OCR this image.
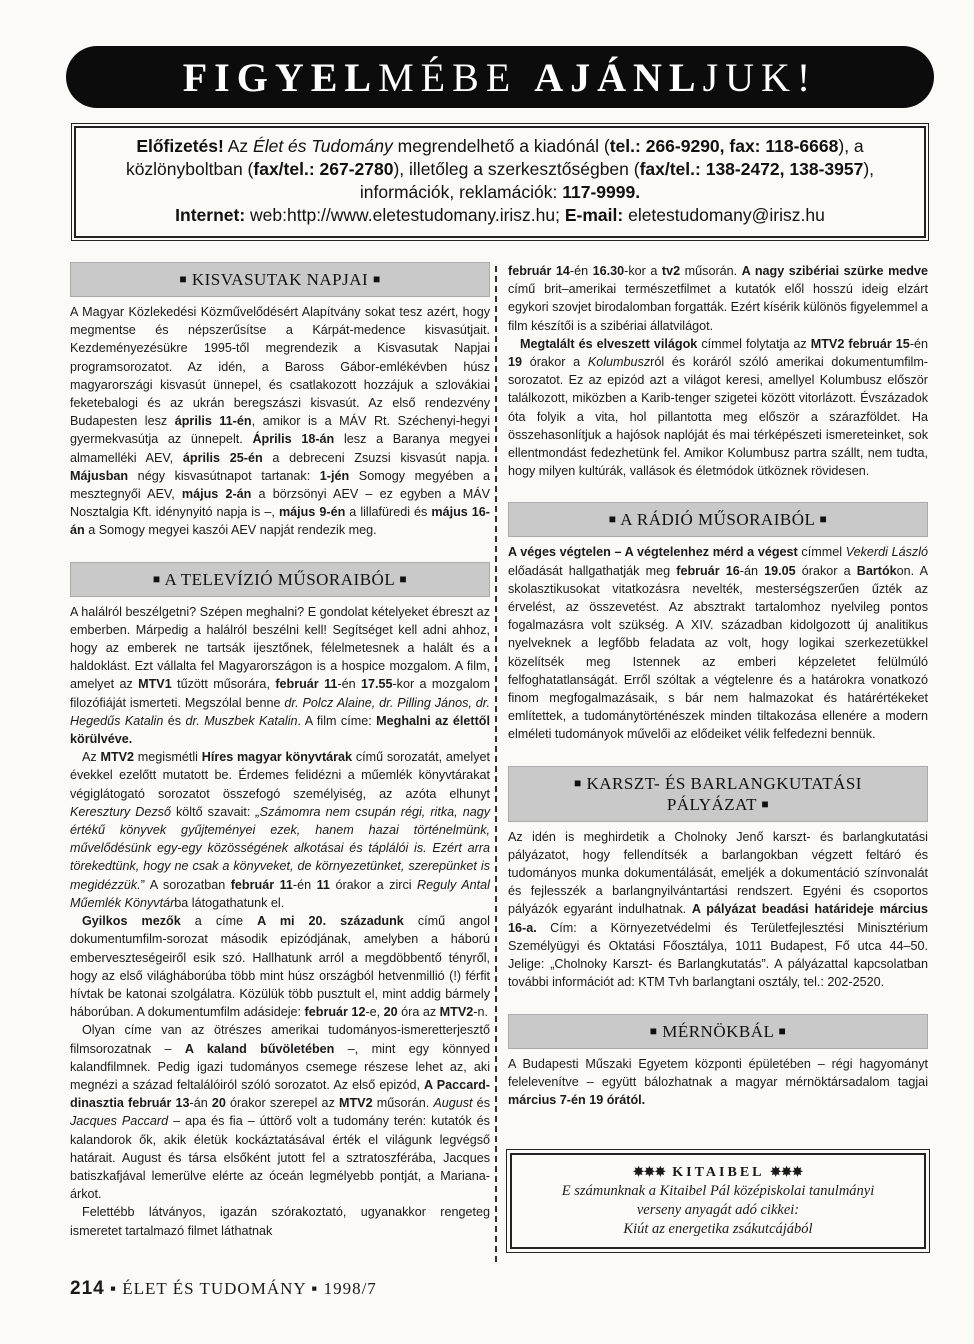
FIGYELMÉBE AJÁNLJUK!
Előfizetés! Az Élet és Tudomány megrendelhető a kiadónál (tel.: 266-9290, fax: 118-6668), a közlönyboltban (fax/tel.: 267-2780), illetőleg a szerkesztőségben (fax/tel.: 138-2472, 138-3957), információk, reklamációk: 117-9999.
Internet: web:http://www.eletestudomany.irisz.hu; E-mail: eletestudomany@irisz.hu
■ KISVASUTAK NAPJAI ■

A Magyar Közlekedési Közművelődésért Alapítvány sokat tesz azért, hogy megmentse és népszerűsítse a Kárpát-medence kisvasútjait. Kezdeményezésükre 1995-től megrendezik a Kisvasutak Napjai programsorozatot. Az idén, a Baross Gábor-emlékévben húsz magyarországi kisvasút ünnepel, és csatlakozott hozzájuk a szlovákiai feketebalogi és az ukrán beregszászi kisvasút. Az első rendezvény Budapesten lesz április 11-én, amikor is a MÁV Rt. Széchenyi-hegyi gyermekvasútja az ünnepelt. Április 18-án lesz a Baranya megyei almamelléki AEV, április 25-én a debreceni Zsuzsi kisvasút napja. Májusban négy kisvasútnapot tartanak: 1-jén Somogy megyében a mesztegnyői AEV, május 2-án a börzsönyi AEV – ez egyben a MÁV Nosztalgia Kft. idénynyitó napja is –, május 9-én a lillafüredi és május 16-án a Somogy megyei kaszói AEV napját rendezik meg.

■ A TELEVÍZIÓ MŰSORAIBÓL ■

A halálról beszélgetni? Szépen meghalni? E gondolat kételyeket ébreszt az emberben. Márpedig a halálról beszélni kell! Segítséget kell adni ahhoz, hogy az emberek ne tartsák ijesztőnek, félelmetesnek a halált és a haldoklást. Ezt vállalta fel Magyarországon is a hospice mozgalom. A film, amelyet az MTV1 tűzött műsorára, február 11-én 17.55-kor a mozgalom filozófiáját ismerteti. Megszólal benne dr. Polcz Alaine, dr. Pilling János, dr. Hegedűs Katalin és dr. Muszbek Katalin. A film címe: Meghalni az élettől körülvéve.

Az MTV2 megismétli Híres magyar könyvtárak című sorozatát, amelyet évekkel ezelőtt mutatott be. Érdemes felidézni a műemlék könyvtárakat végiglátogató sorozatot összefogó személyiség, az azóta elhunyt Keresztury Dezső költő szavait: „Számomra nem csupán régi, ritka, nagy értékű könyvek gyűjteményei ezek, hanem hazai történelmünk, művelődésünk egy-egy közösségének alkotásai és táplálói is. Ezért arra törekedtünk, hogy ne csak a könyveket, de környezetünket, szerepünket is megidézzük.” A sorozatban február 11-én 11 órakor a zirci Reguly Antal Műemlék Könyvtárba látogathatunk el.

Gyilkos mezők a címe A mi 20. századunk című angol dokumentumfilm-sorozat második epizódjának, amelyben a háború emberveszteségeiről esik szó. Hallhatunk arról a megdöbbentő tényről, hogy az első világháborúba több mint húsz országból hetvenmillió (!) férfit hívtak be katonai szolgálatra. Közülük több pusztult el, mint addig bármely háborúban. A dokumentumfilm adásideje: február 12-e, 20 óra az MTV2-n.

Olyan címe van az ötrészes amerikai tudományos-ismeretterjesztő filmsorozatnak – A kaland bűvöletében –, mint egy könnyed kalandfilmnek. Pedig igazi tudományos csemege részese lehet az, aki megnézi a század feltalálóiról szóló sorozatot. Az első epizód, A Paccard-dinasztia február 13-án 20 órakor szerepel az MTV2 műsorán. August és Jacques Paccard – apa és fia – úttörő volt a tudomány terén: kutatók és kalandorok ők, akik életük kockáztatásával érték el világunk legvégső határait. August és társa elsőként jutott fel a sztratoszférába, Jacques batiszkafjával lemerülve elérte az óceán legmélyebb pontját, a Mariana-árkot.

Felettébb látványos, igazán szórakoztató, ugyanakkor rengeteg ismeretet tartalmazó filmet láthatnak

február 14-én 16.30-kor a tv2 műsorán. A nagy szibériai szürke medve című brit–amerikai természetfilmet a kutatók elől hosszú ideig elzárt egykori szovjet birodalomban forgatták. Ezért kísérik különös figyelemmel a film készítői is a szibériai állatvilágot.

Megtalált és elveszett világok címmel folytatja az MTV2 február 15-én 19 órakor a Kolumbuszról és koráról szóló amerikai dokumentumfilm-sorozatot. Ez az epizód azt a világot keresi, amellyel Kolumbusz először találkozott, miközben a Karib-tenger szigetei között vitorlázott. Évszázadok óta folyik a vita, hol pillantotta meg először a szárazföldet. Ha összehasonlítjuk a hajósok naplóját és mai térképészeti ismereteinket, sok ellentmondást fedezhetünk fel. Amikor Kolumbusz partra szállt, nem tudta, hogy milyen kultúrák, vallások és életmódok ütköznek rövidesen.

■ A RÁDIÓ MŰSORAIBÓL ■

A véges végtelen – A végtelenhez mérd a végest címmel Vekerdi László előadását hallgathatják meg február 16-án 19.05 órakor a Bartókon. A skolasztikusokat vitatkozásra nevelték, mesterségszerűen űzték az érvelést, az összevetést. Az absztrakt tartalomhoz nyelvileg pontos fogalmazásra volt szükség. A XIV. században kidolgozott új analitikus nyelveknek a legfőbb feladata az volt, hogy logikai szerkezetükkel közelítsék meg Istennek az emberi képzeletet felülmúló felfoghatatlanságát. Erről szóltak a végtelenre és a határokra vonatkozó finom megfogalmazásaik, s bár nem halmazokat és határértékeket említettek, a tudománytörténészek minden tiltakozása ellenére a modern elméleti tudományok művelői az elődeiket vélik felfedezni bennük.

■ KARSZT- ÉS BARLANGKUTATÁSI
PÁLYÁZAT ■

Az idén is meghirdetik a Cholnoky Jenő karszt- és barlangkutatási pályázatot, hogy fellendítsék a barlangokban végzett feltáró és tudományos munka dokumentálását, emeljék a dokumentáció színvonalát és fejlesszék a barlangnyilvántartási rendszert. Egyéni és csoportos pályázók egyaránt indulhatnak. A pályázat beadási határideje március 16-a. Cím: a Környezetvédelmi és Területfejlesztési Minisztérium Személyügyi és Oktatási Főosztálya, 1011 Budapest, Fő utca 44–50. Jelige: „Cholnoky Karszt- és Barlangkutatás”. A pályázattal kapcsolatban további információt ad: KTM Tvh barlangtani osztály, tel.: 202-2520.

■ MÉRNÖKBÁL ■

A Budapesti Műszaki Egyetem központi épületében – régi hagyományt felelevenítve – együtt bálozhatnak a magyar mérnöktársadalom tagjai március 7-én 19 órától.

✸✸✸ KITAIBEL ✸✸✸
E számunknak a Kitaibel Pál középiskolai tanulmányi
verseny anyagát adó cikkei:
Kiút az energetika zsákutcájából
214 ▪ ÉLET ÉS TUDOMÁNY ▪ 1998/7
